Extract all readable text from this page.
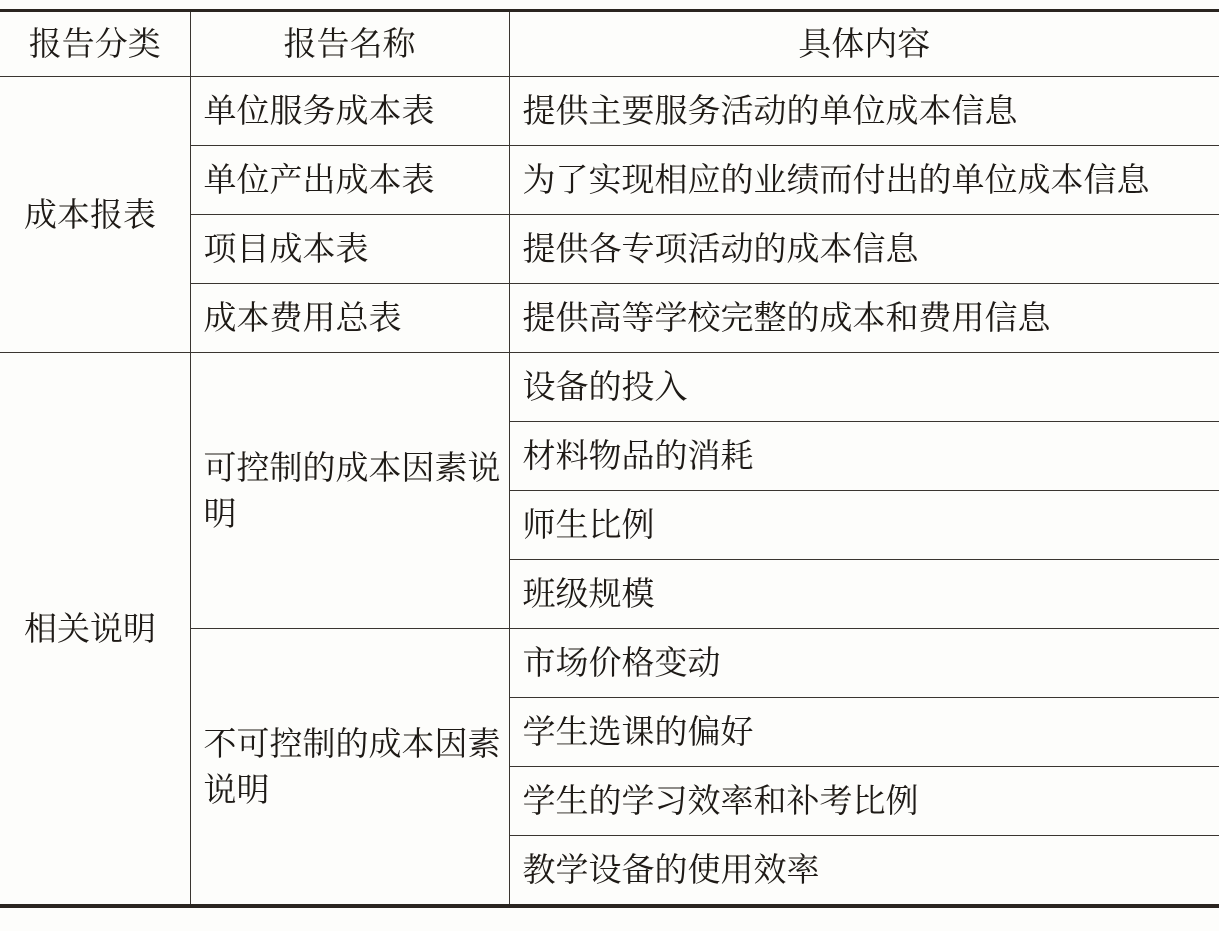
报告分类	报告名称	具体内容
成本报表	单位服务成本表	提供主要服务活动的单位成本信息
	单位产出成本表	为了实现相应的业绩而付出的单位成本信息
	项目成本表	提供各专项活动的成本信息
	成本费用总表	提供高等学校完整的成本和费用信息
相关说明	可控制的成本因素说明	设备的投入
		材料物品的消耗
		师生比例
		班级规模
	不可控制的成本因素说明	市场价格变动
		学生选课的偏好
		学生的学习效率和补考比例
		教学设备的使用效率
